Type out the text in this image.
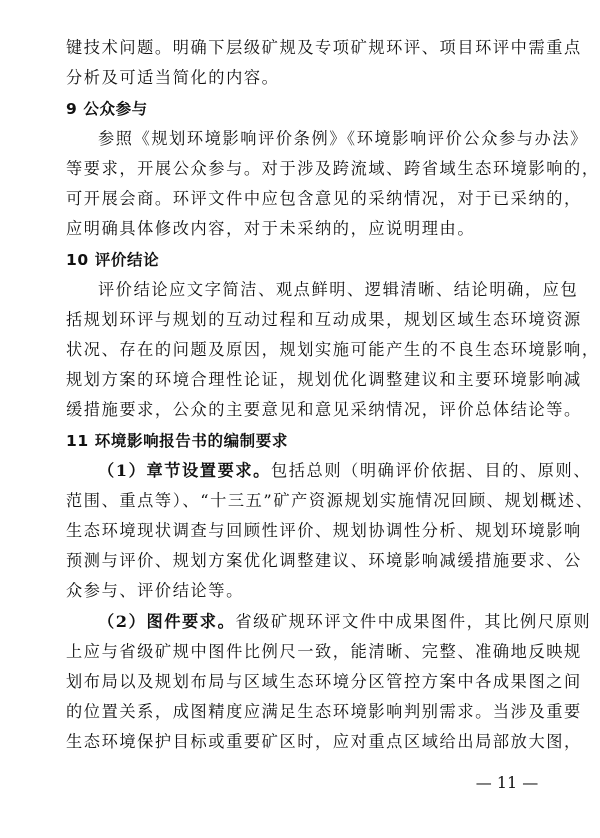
键技术问题。明确下层级矿规及专项矿规环评、项目环评中需重点
分析及可适当简化的内容。
9 公众参与
参照《规划环境影响评价条例》《环境影响评价公众参与办法》
等要求，开展公众参与。对于涉及跨流域、跨省域生态环境影响的，
可开展会商。环评文件中应包含意见的采纳情况，对于已采纳的，
应明确具体修改内容，对于未采纳的，应说明理由。
10 评价结论
评价结论应文字简洁、观点鲜明、逻辑清晰、结论明确，应包
括规划环评与规划的互动过程和互动成果，规划区域生态环境资源
状况、存在的问题及原因，规划实施可能产生的不良生态环境影响，
规划方案的环境合理性论证，规划优化调整建议和主要环境影响减
缓措施要求，公众的主要意见和意见采纳情况，评价总体结论等。
11 环境影响报告书的编制要求
（1）章节设置要求。包括总则（明确评价依据、目的、原则、
范围、重点等）、“十三五”矿产资源规划实施情况回顾、规划概述、
生态环境现状调查与回顾性评价、规划协调性分析、规划环境影响
预测与评价、规划方案优化调整建议、环境影响减缓措施要求、公
众参与、评价结论等。
（2）图件要求。省级矿规环评文件中成果图件，其比例尺原则
上应与省级矿规中图件比例尺一致，能清晰、完整、准确地反映规
划布局以及规划布局与区域生态环境分区管控方案中各成果图之间
的位置关系，成图精度应满足生态环境影响判别需求。当涉及重要
生态环境保护目标或重要矿区时，应对重点区域给出局部放大图，
— 11 —
